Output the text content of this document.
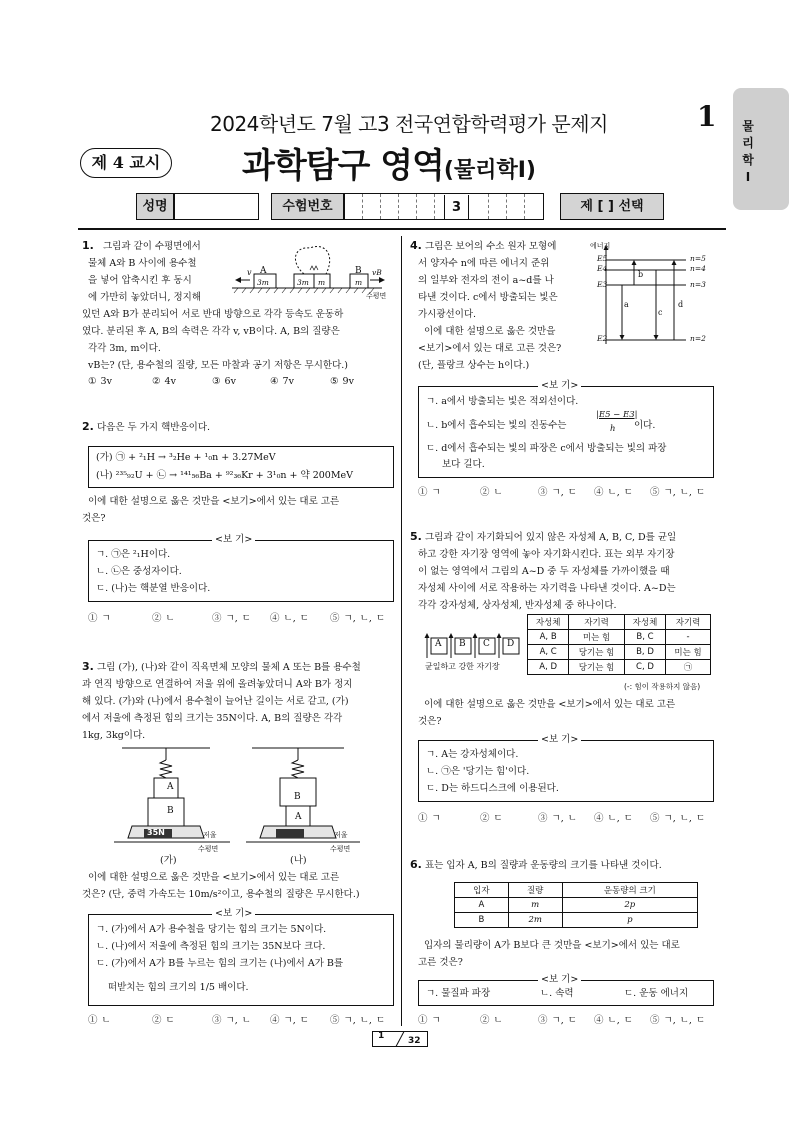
2024학년도 7월 고3 전국연합학력평가 문제지	1 물리학Ⅰ
제 4 교시	과학탐구 영역(물리학Ⅰ)
성명	수험번호	3	제 [ ] 선택
1. 그림과 같이 수평면에서
물체 A와 B 사이에 용수철
을 넣어 압축시킨 후 동시
에 가만히 놓았더니, 정지해
v A
3m	3m m
B
m
vB
수평면
있던 A와 B가 분리되어 서로 반대 방향으로 각각 등속도 운동하
였다. 분리된 후 A, B의 속력은 각각 v, vB이다. A, B의 질량은
각각 3m, m이다.
vB는? (단, 용수철의 질량, 모든 마찰과 공기 저항은 무시한다.)
① 3v	② 4v	③ 6v	④ 7v	⑤ 9v
2. 다음은 두 가지 핵반응이다.
(가) ㉠ + ²₁H → ³₂He + ¹₀n + 3.27MeV
(나) ²³⁵₉₂U + ㉡ → ¹⁴¹₅₆Ba + ⁹²₃₆Kr + 3¹₀n + 약 200MeV
이에 대한 설명으로 옳은 것만을 <보기>에서 있는 대로 고른
것은?
<보 기>
ㄱ. ㉠은 ²₁H이다.
ㄴ. ㉡은 중성자이다.
ㄷ. (나)는 핵분열 반응이다.
① ㄱ	② ㄴ	③ ㄱ, ㄷ ④ ㄴ, ㄷ ⑤ ㄱ, ㄴ, ㄷ
3. 그림 (가), (나)와 같이 직육면체 모양의 물체 A 또는 B를 용수철
과 연직 방향으로 연결하여 저울 위에 올려놓았더니 A와 B가 정지
해 있다. (가)와 (나)에서 용수철이 늘어난 길이는 서로 같고, (가)
에서 저울에 측정된 힘의 크기는 35N이다. A, B의 질량은 각각
1kg, 3kg이다.
A
B
35N	저울
수평면
B
A
저울
수평면
(가)	(나)
이에 대한 설명으로 옳은 것만을 <보기>에서 있는 대로 고른
것은? (단, 중력 가속도는 10m/s²이고, 용수철의 질량은 무시한다.)
<보 기>
ㄱ. (가)에서 A가 용수철을 당기는 힘의 크기는 5N이다.
ㄴ. (나)에서 저울에 측정된 힘의 크기는 35N보다 크다.
ㄷ. (가)에서 A가 B를 누르는 힘의 크기는 (나)에서 A가 B를
떠받치는 힘의 크기의 1/5 배이다.
① ㄴ	② ㄷ	③ ㄱ, ㄴ ④ ㄱ, ㄷ ⑤ ㄱ, ㄴ, ㄷ
4. 그림은 보어의 수소 원자 모형에
서 양자수 n에 따른 에너지 준위
의 일부와 전자의 전이 a~d를 나
타낸 것이다. c에서 방출되는 빛은
가시광선이다.
이에 대한 설명으로 옳은 것만을
<보기>에서 있는 대로 고른 것은?
(단, 플랑크 상수는 h이다.)
에너지
E5
E4
E3
E2
n=5
n=4
n=3
n=2
a
b
c
d
<보 기>
ㄱ. a에서 방출되는 빛은 적외선이다.
ㄴ. b에서 흡수되는 빛의 진동수는
|E5 − E3|
h 이다.
ㄷ. d에서 흡수되는 빛의 파장은 c에서 방출되는 빛의 파장
보다 길다.
① ㄱ	② ㄴ	③ ㄱ, ㄷ ④ ㄴ, ㄷ ⑤ ㄱ, ㄴ, ㄷ
5. 그림과 같이 자기화되어 있지 않은 자성체 A, B, C, D를 균일
하고 강한 자기장 영역에 놓아 자기화시킨다. 표는 외부 자기장
이 없는 영역에서 그림의 A~D 중 두 자성체를 가까이했을 때
자성체 사이에 서로 작용하는 자기력을 나타낸 것이다. A~D는
각각 강자성체, 상자성체, 반자성체 중 하나이다.
A B C D
균일하고 강한 자기장
자성체	자기력	자성체	자기력
A, B	미는 힘	B, C	-
A, C	당기는 힘	B, D	미는 힘
A, D	당기는 힘	C, D	㉠
(-: 힘이 작용하지 않음)
이에 대한 설명으로 옳은 것만을 <보기>에서 있는 대로 고른
것은?
<보 기>
ㄱ. A는 강자성체이다.
ㄴ. ㉠은 '당기는 힘'이다.
ㄷ. D는 하드디스크에 이용된다.
① ㄱ	② ㄷ	③ ㄱ, ㄴ ④ ㄴ, ㄷ ⑤ ㄱ, ㄴ, ㄷ
6. 표는 입자 A, B의 질량과 운동량의 크기를 나타낸 것이다.
입자	질량	운동량의 크기
A	m	2p
B	2m	p
입자의 물리량이 A가 B보다 큰 것만을 <보기>에서 있는 대로
고른 것은?
<보 기>
ㄱ. 물질파 파장	ㄴ. 속력	ㄷ. 운동 에너지
① ㄱ	② ㄴ	③ ㄱ, ㄷ ④ ㄴ, ㄷ ⑤ ㄱ, ㄴ, ㄷ
1	32
